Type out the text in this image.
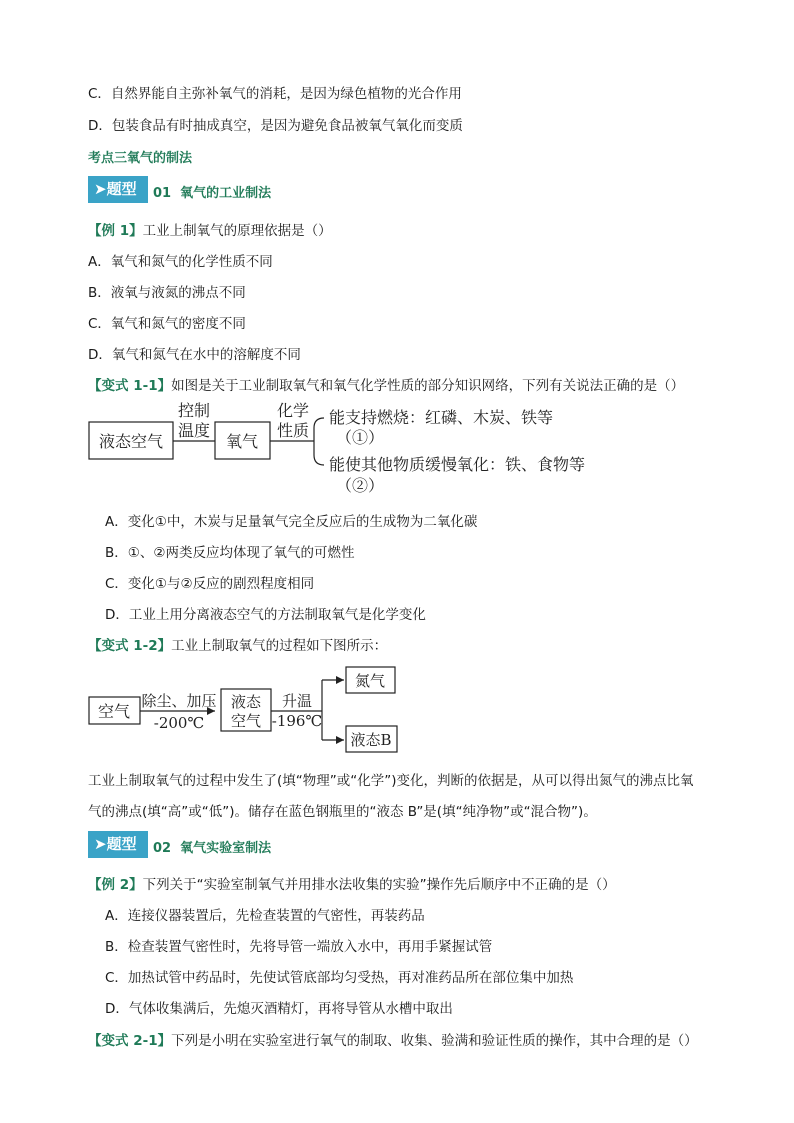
C．自然界能自主弥补氧气的消耗，是因为绿色植物的光合作用
D．包装食品有时抽成真空，是因为避免食品被氧气氧化而变质
考点三氧气的制法
➤题型	01 氧气的工业制法
【例 1】工业上制氧气的原理依据是（）
A．氧气和氮气的化学性质不同
B．液氧与液氮的沸点不同
C．氧气和氮气的密度不同
D．氧气和氮气在水中的溶解度不同
【变式 1-1】如图是关于工业制取氧气和氧气化学性质的部分知识网络，下列有关说法正确的是（）
液态空气
控制
温度
氧气
化学
性质
能支持燃烧：红磷、木炭、铁等
（①）
能使其他物质缓慢氧化：铁、食物等
（②）
A．变化①中，木炭与足量氧气完全反应后的生成物为二氧化碳
B．①、②两类反应均体现了氧气的可燃性
C．变化①与②反应的剧烈程度相同
D．工业上用分离液态空气的方法制取氧气是化学变化
【变式 1-2】工业上制取氧气的过程如下图所示：
空气
除尘、加压
-200℃
液态
空气
升温
-196℃
氮气
液态B
工业上制取氧气的过程中发生了(填“物理”或“化学”)变化，判断的依据是，从可以得出氮气的沸点比氧
气的沸点(填“高”或“低”)。储存在蓝色钢瓶里的“液态 B”是(填“纯净物”或“混合物”)。
➤题型	02 氧气实验室制法
【例 2】下列关于“实验室制氧气并用排水法收集的实验”操作先后顺序中不正确的是（）
A．连接仪器装置后，先检查装置的气密性，再装药品
B．检查装置气密性时，先将导管一端放入水中，再用手紧握试管
C．加热试管中药品时，先使试管底部均匀受热，再对准药品所在部位集中加热
D．气体收集满后，先熄灭酒精灯，再将导管从水槽中取出
【变式 2-1】下列是小明在实验室进行氧气的制取、收集、验满和验证性质的操作，其中合理的是（）
